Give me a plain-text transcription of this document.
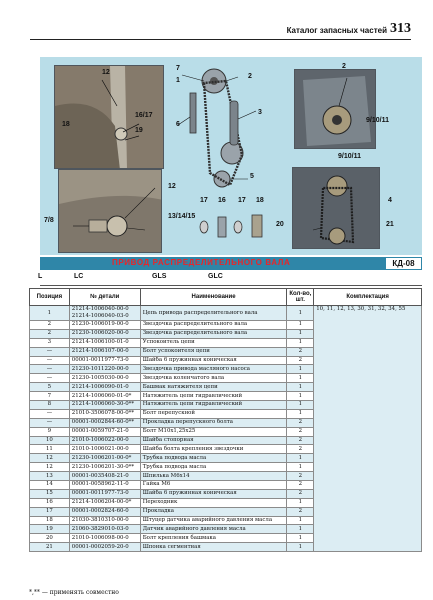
Каталог запасных частей 313
12
16/17
18
19
7
1
2
3
6
5
2
9/10/11
12
7/8
13/14/15
17 16 17 18
9/10/11
4
20	21
ПРИВОД РАСПРЕДЕЛИТЕЛЬНОГО ВАЛА	КД-08
L	LC	GLS	GLC
Позиция	№ детали	Наименование	Кол-во, шт.	Комплектация
1	21214-1006040-00-0
21214-1006040-03-0	Цепь привода распределительного вала	1	10, 11, 12, 13, 30, 31, 32, 34, 55
2	21230-1006019-00-0	Звездочка распределительного вала	1	
2	21230-1006020-00-0	Звездочка распределительного вала	1	
3	21214-1006100-01-0	Успокоитель цепи	1	
—	21214-1006107-00-0	Болт успокоителя цепи	2	
—	00001-0011977-73-0	Шайба 6 пружинная коническая	2	
—	21230-1011220-00-0	Звездочка привода масляного насоса	1	
—	21230-1005030-00-0	Звездочка коленчатого вала	1	
5	21214-1006090-01-0	Башмак натяжителя цепи	1	
7	21214-1006060-01-0*	Натяжитель цепи гидравлический	1	
8	21214-1006060-30-0**	Натяжитель цепи гидравлический	1	
—	21010-3506078-00-0**	Болт перепускной	1	
—	00001-0002844-60-0**	Прокладка перепускного болта	2	
9	00001-0059707-21-0	Болт М10х1,25х25	2	
10	21010-1006022-00-0	Шайба стопорная	2	
11	21010-1006021-00-0	Шайба болта крепления звездочки	2	
12	21230-1006201-00-0*	Трубка подвода масла	1	
12	21230-1006201-30-0**	Трубка подвода масла	1	
13	00001-0035408-21-0	Шпилька М6х14	2	
14	00001-0058962-11-0	Гайка М6	2	
15	00001-0011977-73-0	Шайба 6 пружинная коническая	2	
16	21214-1006204-00-0*	Переходник	1	
17	00001-0002824-60-0	Прокладка	2	
18	21030-3810310-00-0	Штуцер датчика аварийного давления масла	1	
19	21060-3829010-03-0	Датчик аварийного давления масла	1	
20	21010-1006098-00-0	Болт крепления башмака	1	
21	00001-0002059-20-0	Шпонка сегментная	1	
*,** — применять совместно
